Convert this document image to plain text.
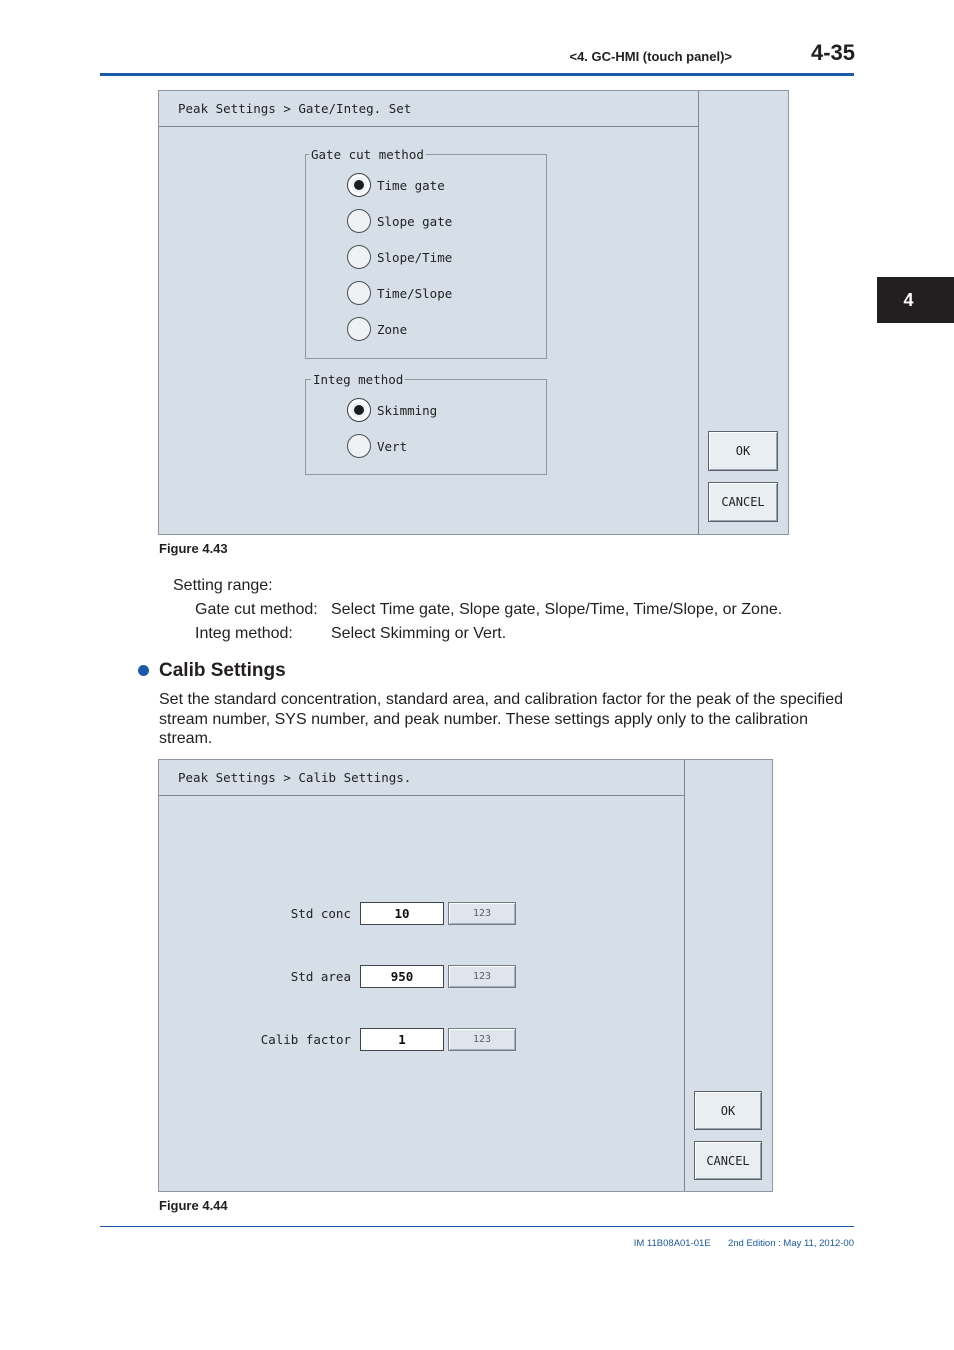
<4. GC-HMI (touch panel)>	4-35
4
Peak Settings > Gate/Integ. Set
Gate cut method
Time gate
Slope gate
Slope/Time
Time/Slope
Zone
Integ method
Skimming
Vert	OK
CANCEL
Figure 4.43
Setting range:
Gate cut method: Select Time gate, Slope gate, Slope/Time, Time/Slope, or Zone.
Integ method: Select Skimming or Vert.
Calib Settings
Set the standard concentration, standard area, and calibration factor for the peak of the specified stream number, SYS number, and peak number. These settings apply only to the calibration stream.
Peak Settings > Calib Settings.
Std conc	10	123
Std area	950	123
Calib factor	1	123
OK
CANCEL
Figure 4.44
IM 11B08A01-01E 2nd Edition : May 11, 2012-00
